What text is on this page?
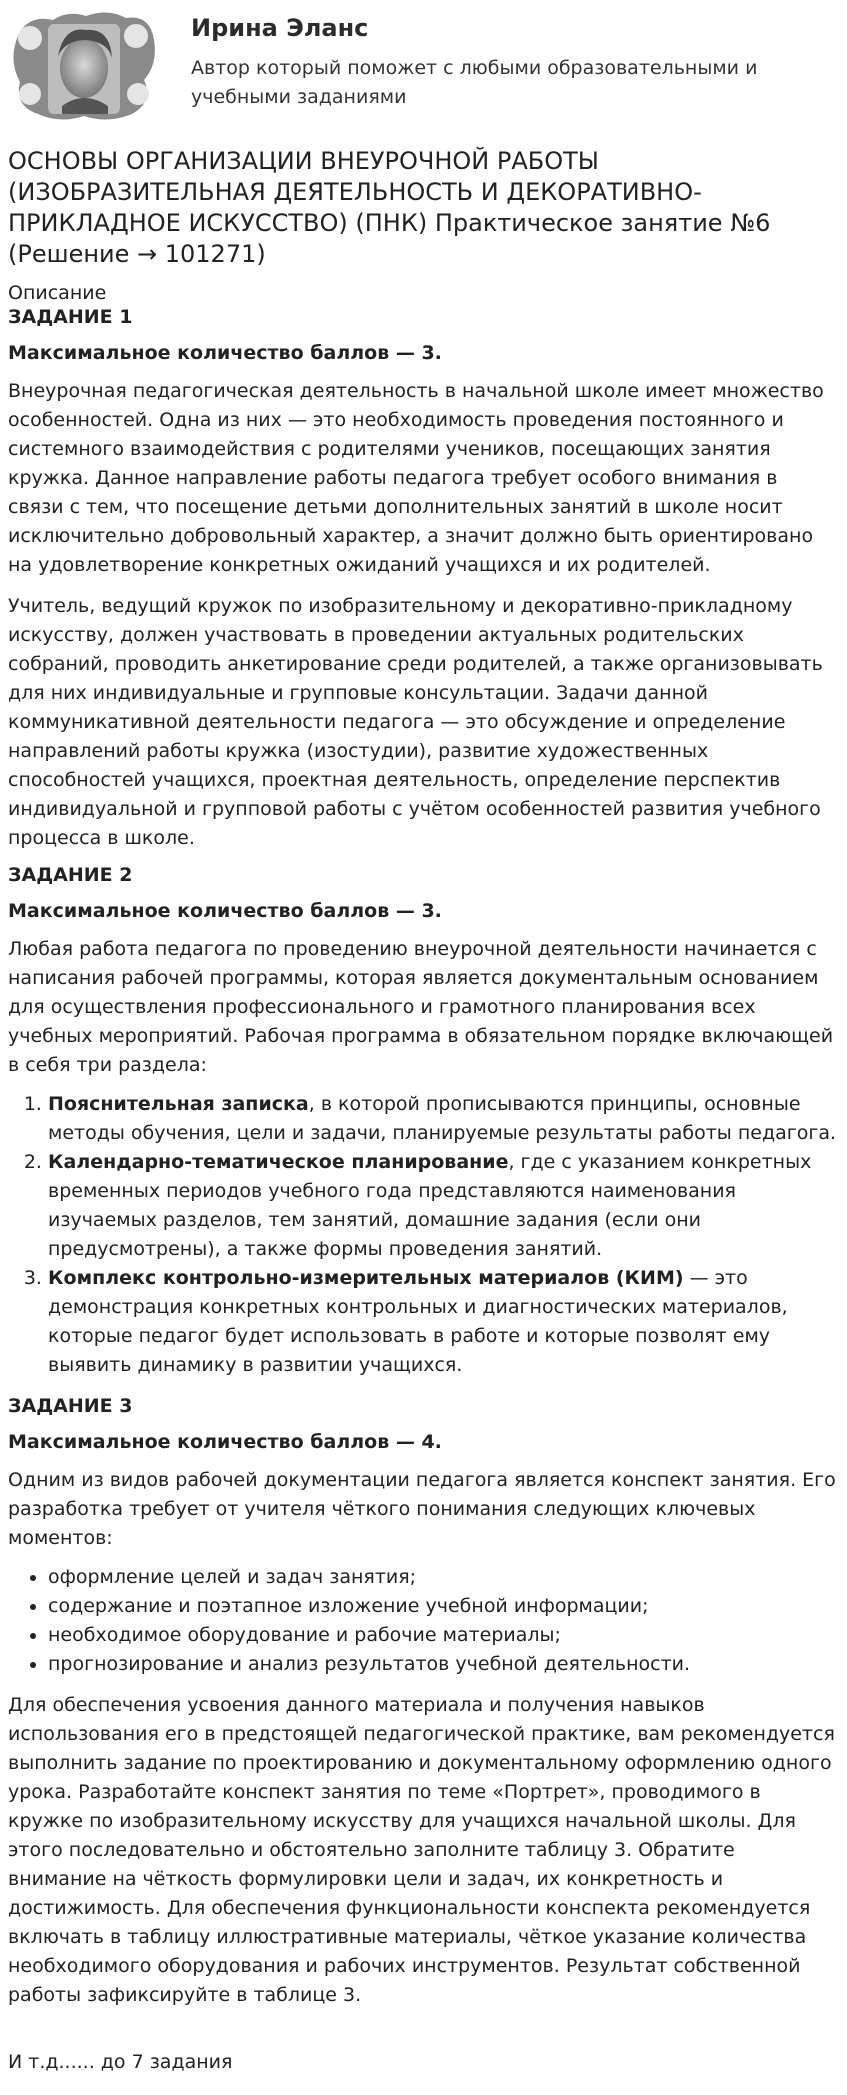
Ирина Эланс
Автор который поможет с любыми образовательными и учебными заданиями
ОСНОВЫ ОРГАНИЗАЦИИ ВНЕУРОЧНОЙ РАБОТЫ (ИЗОБРАЗИТЕЛЬНАЯ ДЕЯТЕЛЬНОСТЬ И ДЕКОРАТИВНО-ПРИКЛАДНОЕ ИСКУССТВО) (ПНК) Практическое занятие №6 (Решение → 101271)
Описание
ЗАДАНИЕ 1
Максимальное количество баллов — 3.

Внеурочная педагогическая деятельность в начальной школе имеет множество особенностей. Одна из них — это необходимость проведения постоянного и системного взаимодействия с родителями учеников, посещающих занятия кружка. Данное направление работы педагога требует особого внимания в связи с тем, что посещение детьми дополнительных занятий в школе носит исключительно добровольный характер, а значит должно быть ориентировано на удовлетворение конкретных ожиданий учащихся и их родителей.

Учитель, ведущий кружок по изобразительному и декоративно-прикладному искусству, должен участвовать в проведении актуальных родительских собраний, проводить анкетирование среди родителей, а также организовывать для них индивидуальные и групповые консультации. Задачи данной коммуникативной деятельности педагога — это обсуждение и определение направлений работы кружка (изостудии), развитие художественных способностей учащихся, проектная деятельность, определение перспектив индивидуальной и групповой работы с учётом особенностей развития учебного процесса в школе.

ЗАДАНИЕ 2
Максимальное количество баллов — 3.

Любая работа педагога по проведению внеурочной деятельности начинается с написания рабочей программы, которая является документальным основанием для осуществления профессионального и грамотного планирования всех учебных мероприятий. Рабочая программа в обязательном порядке включающей в себя три раздела:

1. Пояснительная записка, в которой прописываются принципы, основные методы обучения, цели и задачи, планируемые результаты работы педагога.
2. Календарно-тематическое планирование, где с указанием конкретных временных периодов учебного года представляются наименования изучаемых разделов, тем занятий, домашние задания (если они предусмотрены), а также формы проведения занятий.
3. Комплекс контрольно-измерительных материалов (КИМ) — это демонстрация конкретных контрольных и диагностических материалов, которые педагог будет использовать в работе и которые позволят ему выявить динамику в развитии учащихся.
ЗАДАНИЕ 3
Максимальное количество баллов — 4.

Одним из видов рабочей документации педагога является конспект занятия. Его разработка требует от учителя чёткого понимания следующих ключевых моментов:

• оформление целей и задач занятия;
• содержание и поэтапное изложение учебной информации;
• необходимое оборудование и рабочие материалы;
• прогнозирование и анализ результатов учебной деятельности.

Для обеспечения усвоения данного материала и получения навыков использования его в предстоящей педагогической практике, вам рекомендуется выполнить задание по проектированию и документальному оформлению одного урока. Разработайте конспект занятия по теме «Портрет», проводимого в кружке по изобразительному искусству для учащихся начальной школы. Для этого последовательно и обстоятельно заполните таблицу 3. Обратите внимание на чёткость формулировки цели и задач, их конкретность и достижимость. Для обеспечения функциональности конспекта рекомендуется включать в таблицу иллюстративные материалы, чёткое указание количества необходимого оборудования и рабочих инструментов. Результат собственной работы зафиксируйте в таблице 3.

И т.д...... до 7 задания
